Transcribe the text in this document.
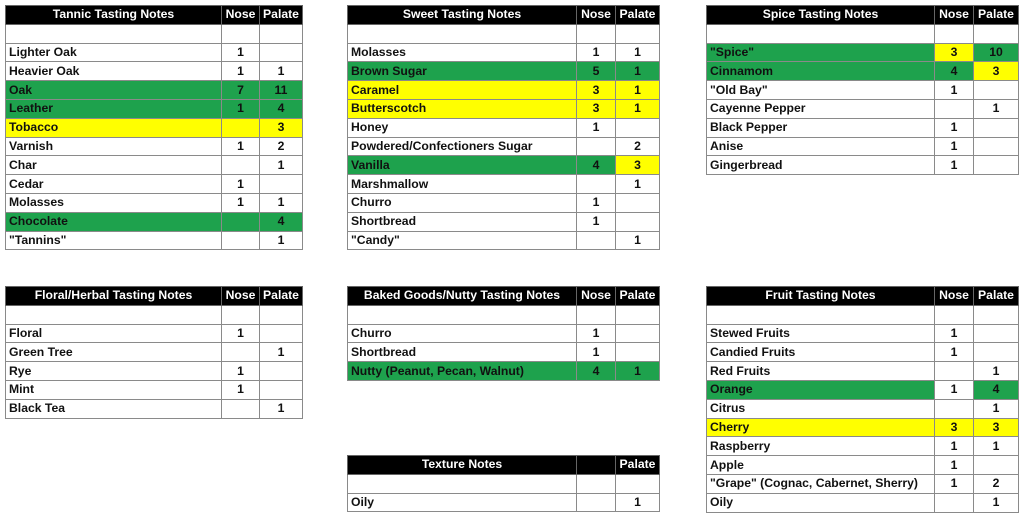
Tannic Tasting Notes	Nose	Palate

Lighter Oak	1	
Heavier Oak	1	1
Oak	7	11
Leather	1	4
Tobacco		3
Varnish	1	2
Char		1
Cedar	1	
Molasses	1	1
Chocolate		4
"Tannins"		1
Sweet Tasting Notes	Nose	Palate

Molasses	1	1
Brown Sugar	5	1
Caramel	3	1
Butterscotch	3	1
Honey	1	
Powdered/Confectioners Sugar		2
Vanilla	4	3
Marshmallow		1
Churro	1	
Shortbread	1	
"Candy"		1
Spice Tasting Notes	Nose	Palate

"Spice"	3	10
Cinnamom	4	3
"Old Bay"	1	
Cayenne Pepper		1
Black Pepper	1	
Anise	1	
Gingerbread	1	
Floral/Herbal Tasting Notes	Nose	Palate

Floral	1	
Green Tree		1
Rye	1	
Mint	1	
Black Tea		1
Baked Goods/Nutty Tasting Notes	Nose	Palate

Churro	1	
Shortbread	1	
Nutty (Peanut, Pecan, Walnut)	4	1
Fruit Tasting Notes	Nose	Palate

Stewed Fruits	1	
Candied Fruits	1	
Red Fruits		1
Orange	1	4
Citrus		1
Cherry	3	3
Raspberry	1	1
Apple	1	
"Grape" (Cognac, Cabernet, Sherry)	1	2
Oily		1
Texture Notes		Palate

Oily		1
